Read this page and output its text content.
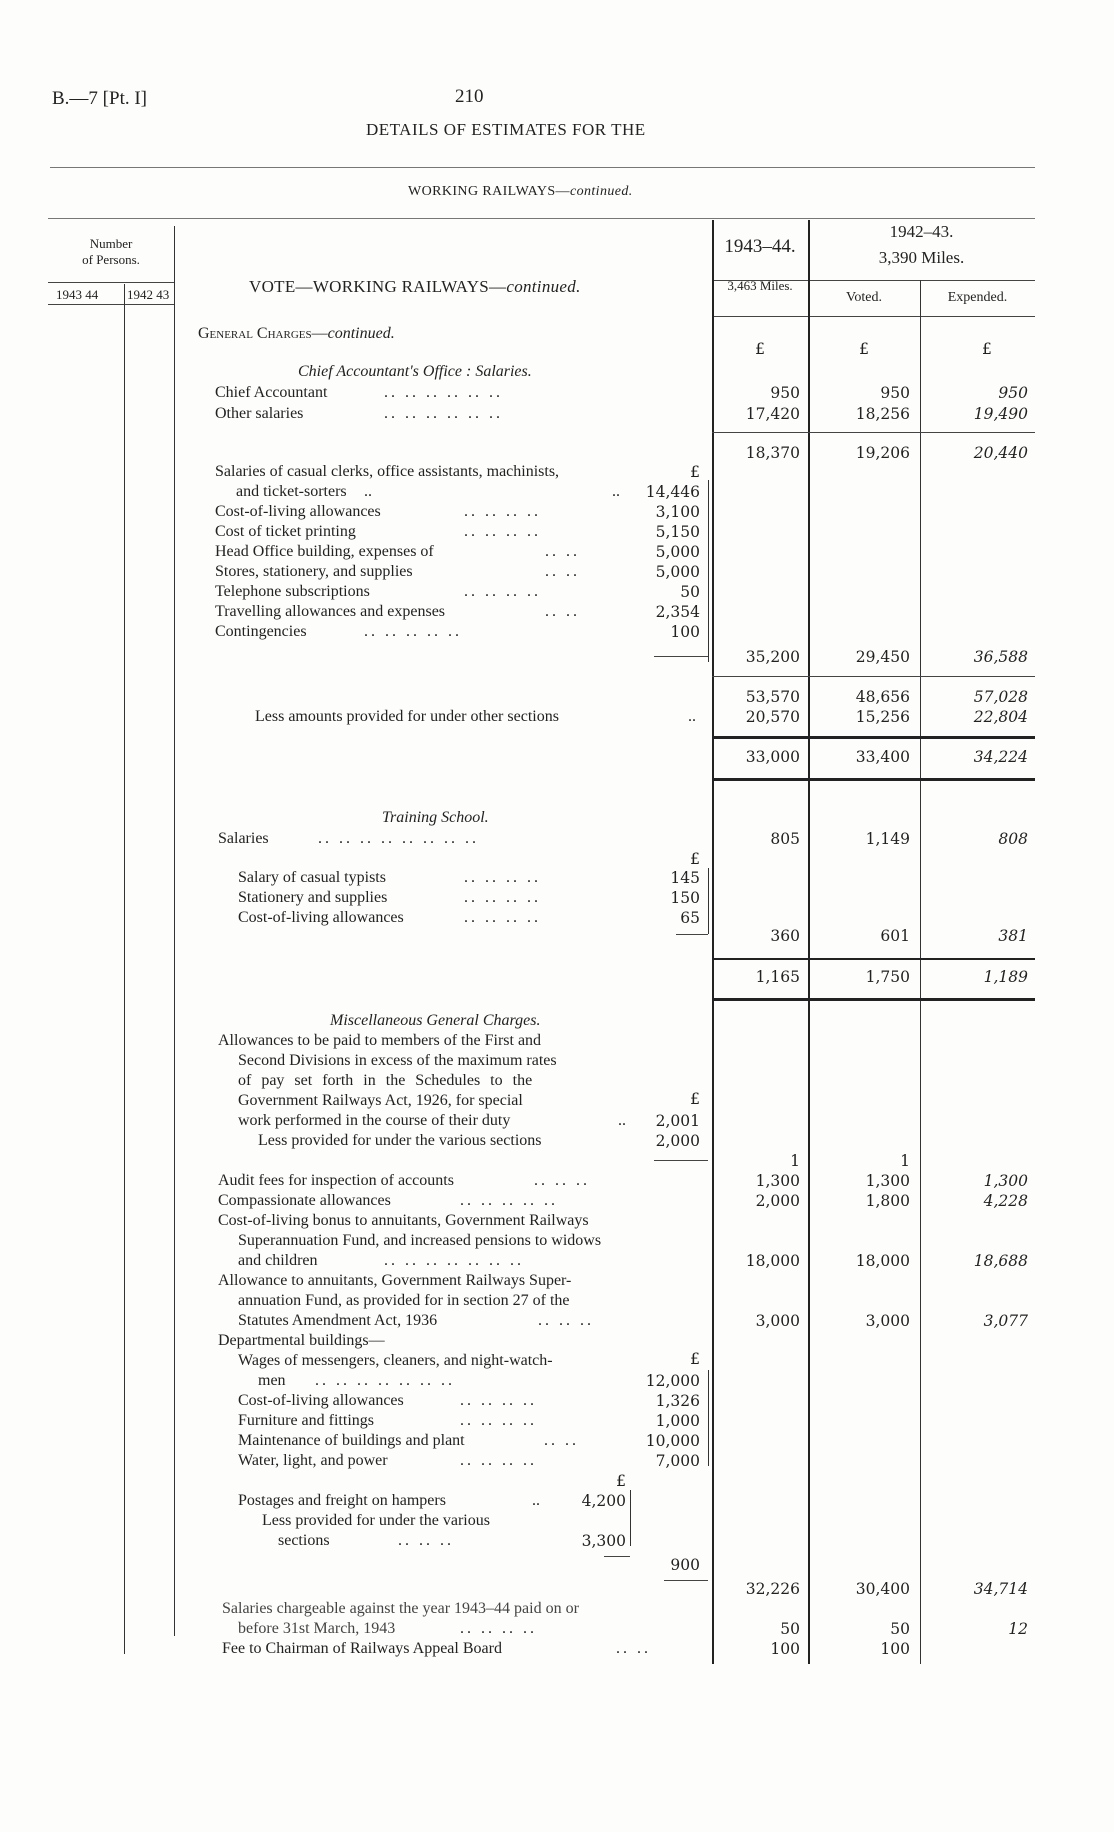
B.—7 [Pt. I]	210
DETAILS OF ESTIMATES FOR THE
WORKING RAILWAYS—continued.
Number
of Persons.
1943 44 1942 43	VOTE—WORKING RAILWAYS—continued.
1943–44.
3,463 Miles.
1942–43.
3,390 Miles.
Voted.	Expended.
General Charges—continued.
£	£	£
Chief Accountant's Office : Salaries.
Chief Accountant	.. .. .. .. .. ..	950	950	950
Other salaries	.. .. .. .. .. ..	17,420	18,256	19,490
18,370	19,206	20,440
Salaries of casual clerks, office assistants, machinists,	£
and ticket-sorters ..	..	14,446
Cost-of-living allowances	.. .. .. ..	3,100
Cost of ticket printing	.. .. .. ..	5,150
Head Office building, expenses of	.. ..	5,000
Stores, stationery, and supplies	.. ..	5,000
Telephone subscriptions	.. .. .. ..	50
Travelling allowances and expenses	.. ..	2,354
Contingencies	.. .. .. .. ..	100
35,200	29,450	36,588
53,570	48,656	57,028
Less amounts provided for under other sections	..	20,570	15,256	22,804
33,000	33,400	34,224
Training School.
Salaries	.. .. .. .. .. .. .. ..	805	1,149	808
£
Salary of casual typists	.. .. .. ..	145
Stationery and supplies	.. .. .. ..	150
Cost-of-living allowances	.. .. .. ..	65
360	601	381
1,165	1,750	1,189
Miscellaneous General Charges.
Allowances to be paid to members of the First and
Second Divisions in excess of the maximum rates
of pay set forth in the Schedules to the
Government Railways Act, 1926, for special	£
work performed in the course of their duty	..	2,001
Less provided for under the various sections	2,000
1	1
Audit fees for inspection of accounts	.. .. ..	1,300	1,300	1,300
Compassionate allowances	.. .. .. .. ..	2,000	1,800	4,228
Cost-of-living bonus to annuitants, Government Railways
Superannuation Fund, and increased pensions to widows
and children	.. .. .. .. .. .. ..	18,000	18,000	18,688
Allowance to annuitants, Government Railways Super-
annuation Fund, as provided for in section 27 of the
Statutes Amendment Act, 1936	.. .. ..	3,000	3,000	3,077
Departmental buildings—
Wages of messengers, cleaners, and night-watch-	£
men .. .. .. .. .. .. ..	12,000
Cost-of-living allowances	.. .. .. ..	1,326
Furniture and fittings	.. .. .. ..	1,000
Maintenance of buildings and plant	.. ..	10,000
Water, light, and power	.. .. .. ..	7,000
£
Postages and freight on hampers	..	4,200
Less provided for under the various
sections	.. .. ..	3,300
900
32,226	30,400	34,714
Salaries chargeable against the year 1943–44 paid on or
before 31st March, 1943	.. .. .. ..	50	50	12
Fee to Chairman of Railways Appeal Board	.. ..	100	100
